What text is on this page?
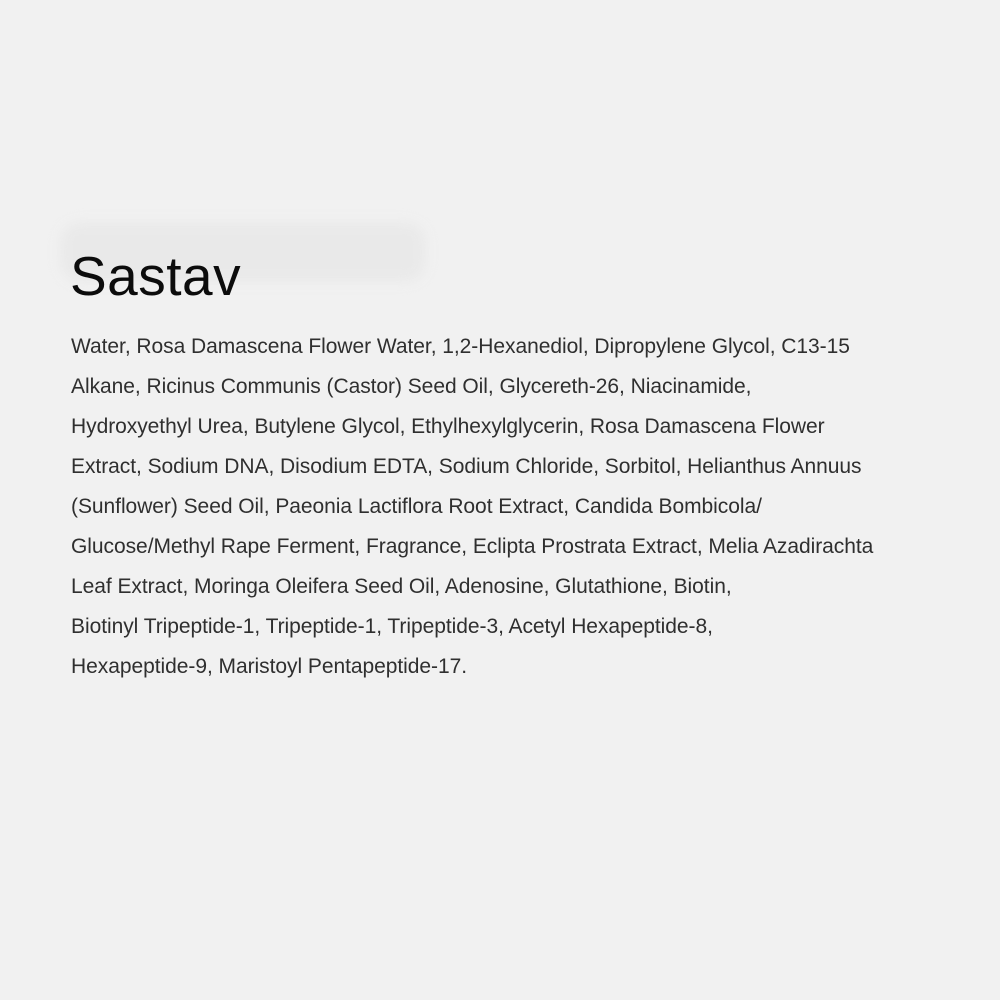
Sastav
Water, Rosa Damascena Flower Water, 1,2-Hexanediol, Dipropylene Glycol, C13-15
Alkane, Ricinus Communis (Castor) Seed Oil, Glycereth-26, Niacinamide,
Hydroxyethyl Urea, Butylene Glycol, Ethylhexylglycerin, Rosa Damascena Flower
Extract, Sodium DNA, Disodium EDTA, Sodium Chloride, Sorbitol, Helianthus Annuus
(Sunflower) Seed Oil, Paeonia Lactiflora Root Extract, Candida Bombicola/
Glucose/Methyl Rape Ferment, Fragrance, Eclipta Prostrata Extract, Melia Azadirachta
Leaf Extract, Moringa Oleifera Seed Oil, Adenosine, Glutathione, Biotin,
Biotinyl Tripeptide-1, Tripeptide-1, Tripeptide-3, Acetyl Hexapeptide-8,
Hexapeptide-9, Maristoyl Pentapeptide-17.
